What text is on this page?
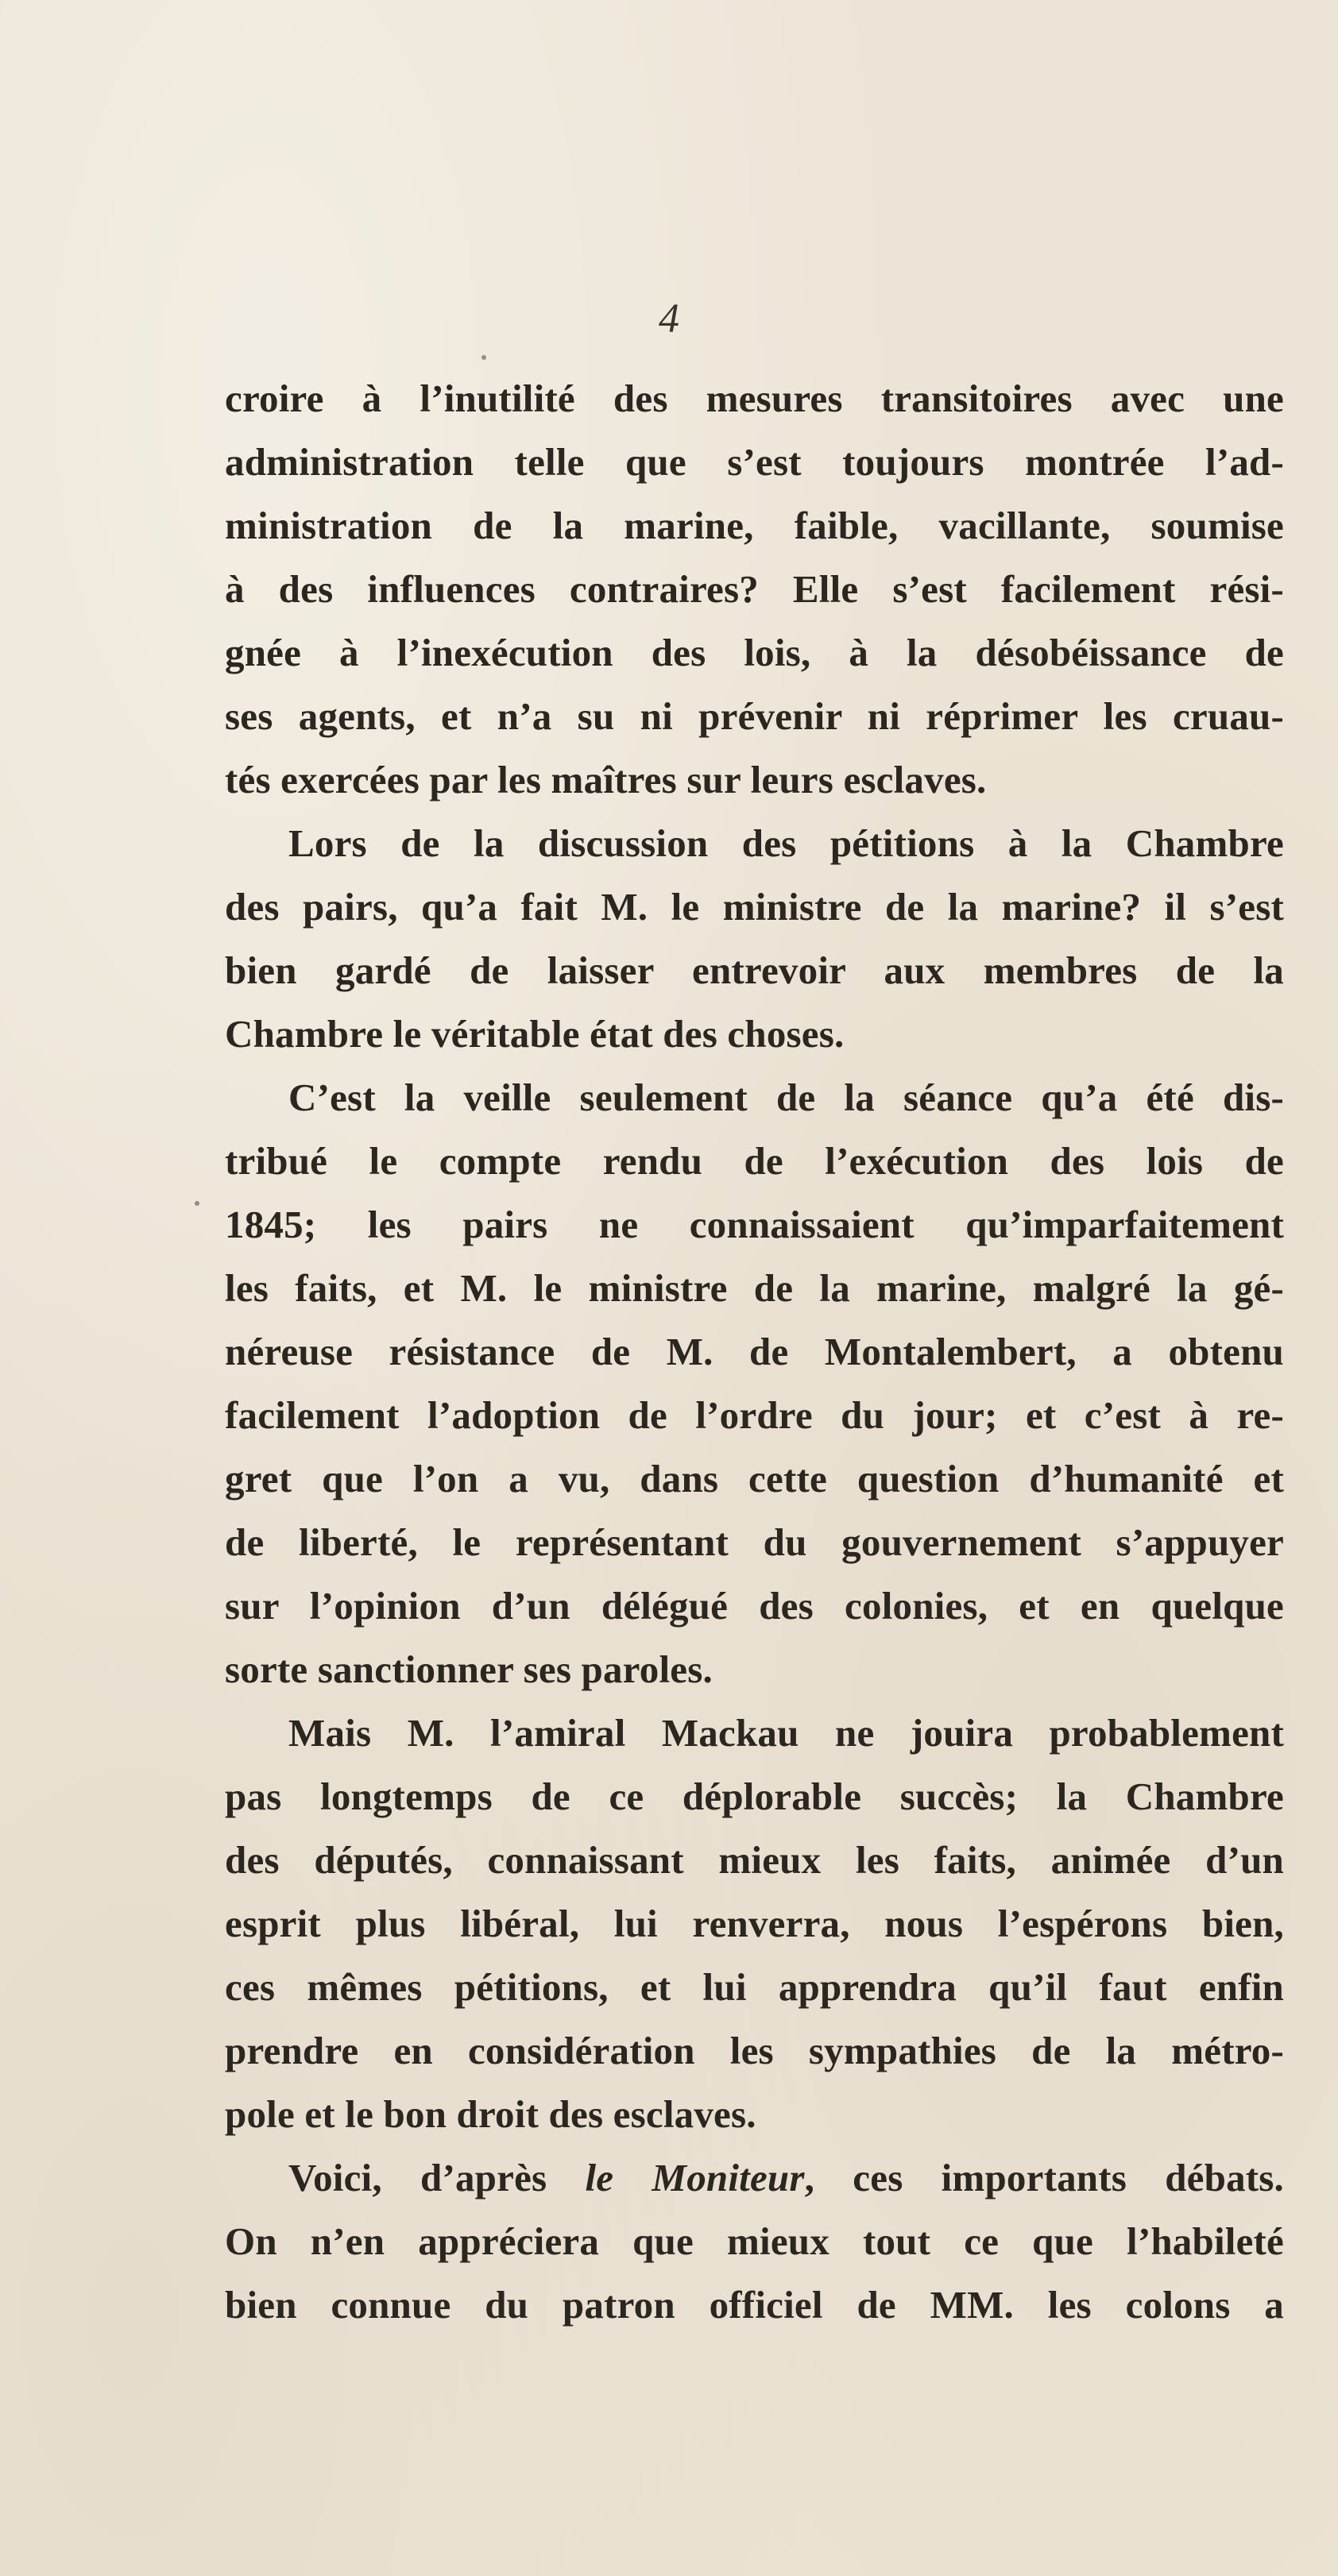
4
croire à l’inutilité des mesures transitoires avec une
administration telle que s’est toujours montrée l’ad-
ministration de la marine, faible, vacillante, soumise
à des influences contraires? Elle s’est facilement rési-
gnée à l’inexécution des lois, à la désobéissance de
ses agents, et n’a su ni prévenir ni réprimer les cruau-
tés exercées par les maîtres sur leurs esclaves.
Lors de la discussion des pétitions à la Chambre
des pairs, qu’a fait M. le ministre de la marine? il s’est
bien gardé de laisser entrevoir aux membres de la
Chambre le véritable état des choses.
C’est la veille seulement de la séance qu’a été dis-
tribué le compte rendu de l’exécution des lois de
1845; les pairs ne connaissaient qu’imparfaitement
les faits, et M. le ministre de la marine, malgré la gé-
néreuse résistance de M. de Montalembert, a obtenu
facilement l’adoption de l’ordre du jour; et c’est à re-
gret que l’on a vu, dans cette question d’humanité et
de liberté, le représentant du gouvernement s’appuyer
sur l’opinion d’un délégué des colonies, et en quelque
sorte sanctionner ses paroles.
Mais M. l’amiral Mackau ne jouira probablement
pas longtemps de ce déplorable succès; la Chambre
des députés, connaissant mieux les faits, animée d’un
esprit plus libéral, lui renverra, nous l’espérons bien,
ces mêmes pétitions, et lui apprendra qu’il faut enfin
prendre en considération les sympathies de la métro-
pole et le bon droit des esclaves.
Voici, d’après le Moniteur, ces importants débats.
On n’en appréciera que mieux tout ce que l’habileté
bien connue du patron officiel de MM. les colons a
